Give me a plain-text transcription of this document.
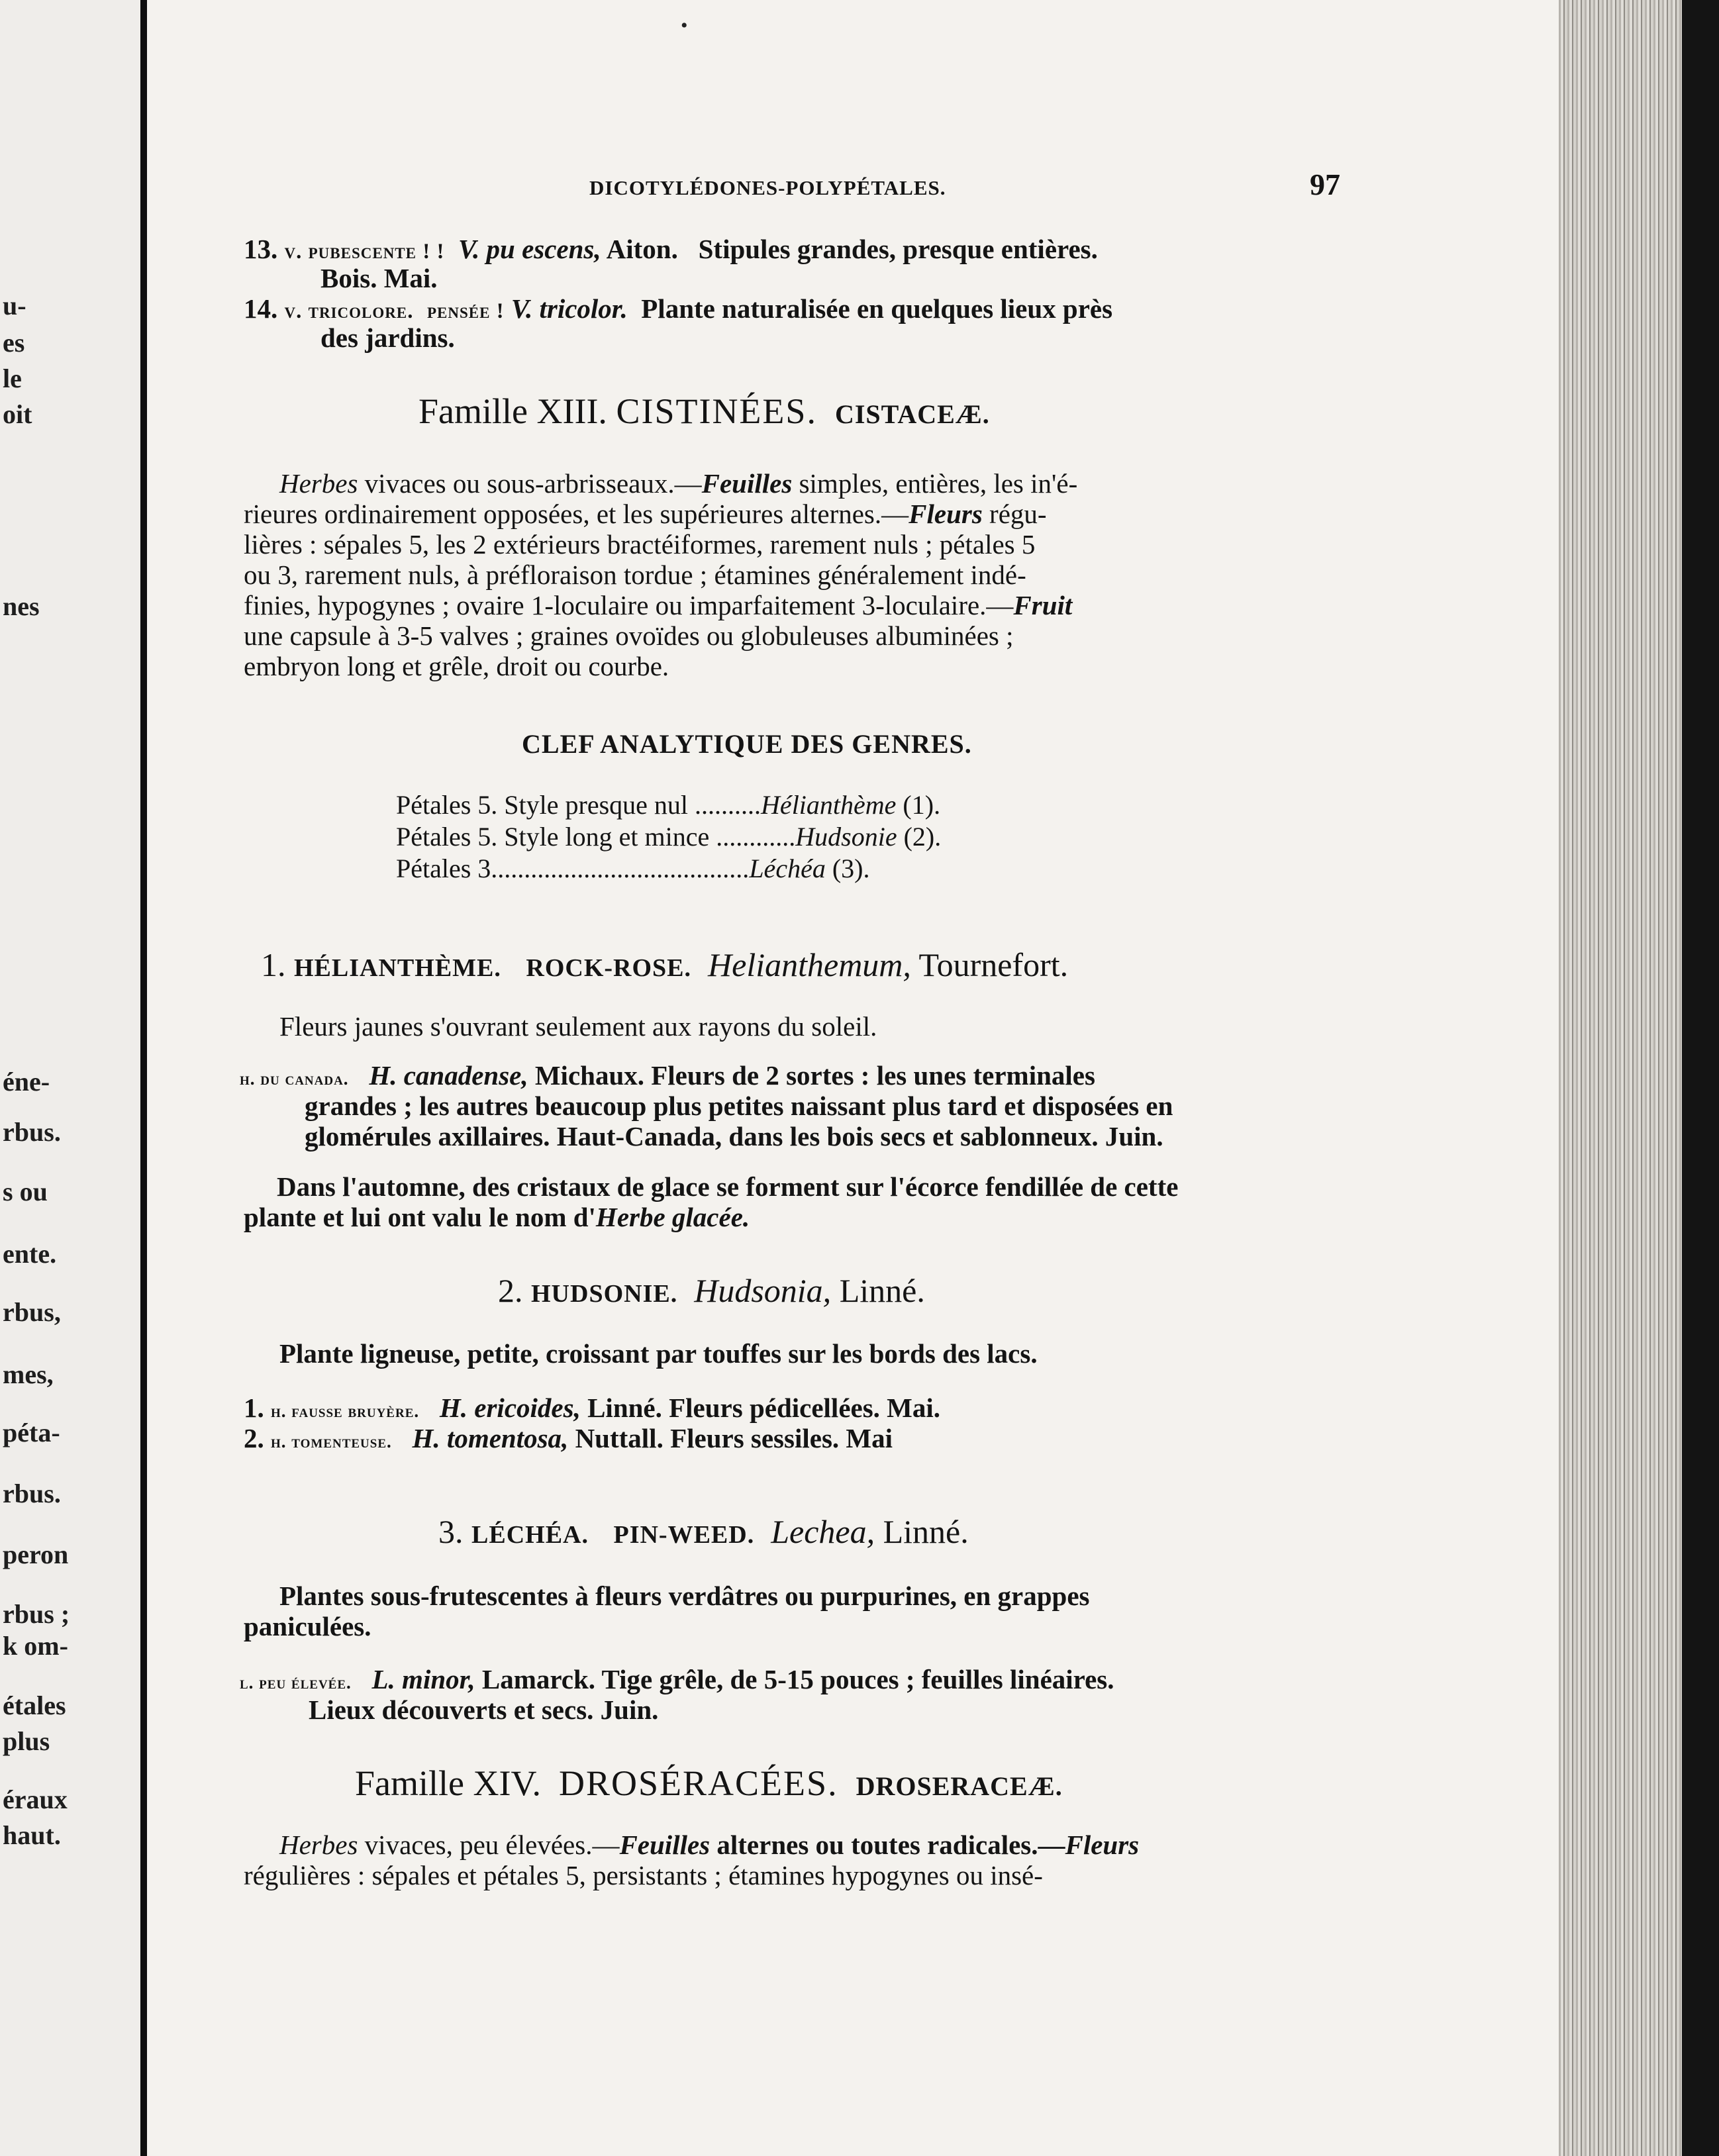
u-
es
le
oit
nes
éne-
rbus.
s ou
ente.
rbus,
mes,
péta-
rbus.
peron
rbus ;
k om-
étales
plus
éraux
haut.
•
DICOTYLÉDONES-POLYPÉTALES.	97
13. v. pubescente ! ! V. pu escens, Aiton. Stipules grandes, presque entières.
Bois. Mai.
14. v. tricolore. pensée ! V. tricolor. Plante naturalisée en quelques lieux près
des jardins.
Famille XIII. CISTINÉES. CISTACEÆ.
Herbes vivaces ou sous-arbrisseaux.—Feuilles simples, entières, les in'é-
rieures ordinairement opposées, et les supérieures alternes.—Fleurs régu-
lières : sépales 5, les 2 extérieurs bractéiformes, rarement nuls ; pétales 5
ou 3, rarement nuls, à préfloraison tordue ; étamines généralement indé-
finies, hypogynes ; ovaire 1-loculaire ou imparfaitement 3-loculaire.—Fruit
une capsule à 3-5 valves ; graines ovoïdes ou globuleuses albuminées ;
embryon long et grêle, droit ou courbe.
CLEF ANALYTIQUE DES GENRES.
Pétales 5. Style presque nul ..........Hélianthème (1).
Pétales 5. Style long et mince ............Hudsonie (2).
Pétales 3.......................................Léchéa (3).
1. HÉLIANTHÈME. ROCK-ROSE. Helianthemum, Tournefort.
Fleurs jaunes s'ouvrant seulement aux rayons du soleil.
h. du canada. H. canadense, Michaux. Fleurs de 2 sortes : les unes terminales
grandes ; les autres beaucoup plus petites naissant plus tard et disposées en
glomérules axillaires. Haut-Canada, dans les bois secs et sablonneux. Juin.
Dans l'automne, des cristaux de glace se forment sur l'écorce fendillée de cette
plante et lui ont valu le nom d'Herbe glacée.
2. HUDSONIE. Hudsonia, Linné.
Plante ligneuse, petite, croissant par touffes sur les bords des lacs.
1. h. fausse bruyère. H. ericoides, Linné. Fleurs pédicellées. Mai.
2. h. tomenteuse. H. tomentosa, Nuttall. Fleurs sessiles. Mai
3. LÉCHÉA. PIN-WEED. Lechea, Linné.
Plantes sous-frutescentes à fleurs verdâtres ou purpurines, en grappes
paniculées.
l. peu élevée. L. minor, Lamarck. Tige grêle, de 5-15 pouces ; feuilles linéaires.
Lieux découverts et secs. Juin.
Famille XIV. DROSÉRACÉES. DROSERACEÆ.
Herbes vivaces, peu élevées.—Feuilles alternes ou toutes radicales.—Fleurs
régulières : sépales et pétales 5, persistants ; étamines hypogynes ou insé-
